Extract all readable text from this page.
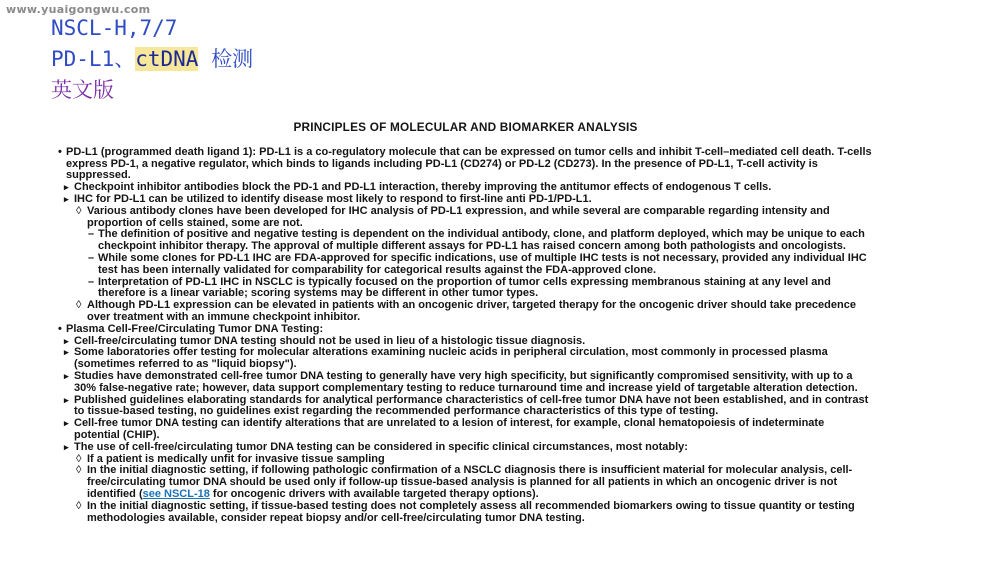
www.yuaigongwu.com
NSCL-H,7/7
PD-L1、ctDNA 检测
英文版
PRINCIPLES OF MOLECULAR AND BIOMARKER ANALYSIS
• PD-L1 (programmed death ligand 1): PD-L1 is a co-regulatory molecule that can be expressed on tumor cells and inhibit T-cell–mediated cell death. T-cells express PD-1, a negative regulator, which binds to ligands including PD-L1 (CD274) or PD-L2 (CD273). In the presence of PD-L1, T-cell activity is suppressed.
▸ Checkpoint inhibitor antibodies block the PD-1 and PD-L1 interaction, thereby improving the antitumor effects of endogenous T cells.
▸ IHC for PD-L1 can be utilized to identify disease most likely to respond to first-line anti PD-1/PD-L1.
◊ Various antibody clones have been developed for IHC analysis of PD-L1 expression, and while several are comparable regarding intensity and proportion of cells stained, some are not.
– The definition of positive and negative testing is dependent on the individual antibody, clone, and platform deployed, which may be unique to each checkpoint inhibitor therapy. The approval of multiple different assays for PD-L1 has raised concern among both pathologists and oncologists.
– While some clones for PD-L1 IHC are FDA-approved for specific indications, use of multiple IHC tests is not necessary, provided any individual IHC test has been internally validated for comparability for categorical results against the FDA-approved clone.
– Interpretation of PD-L1 IHC in NSCLC is typically focused on the proportion of tumor cells expressing membranous staining at any level and therefore is a linear variable; scoring systems may be different in other tumor types.
◊ Although PD-L1 expression can be elevated in patients with an oncogenic driver, targeted therapy for the oncogenic driver should take precedence over treatment with an immune checkpoint inhibitor.
• Plasma Cell-Free/Circulating Tumor DNA Testing:
▸ Cell-free/circulating tumor DNA testing should not be used in lieu of a histologic tissue diagnosis.
▸ Some laboratories offer testing for molecular alterations examining nucleic acids in peripheral circulation, most commonly in processed plasma (sometimes referred to as "liquid biopsy").
▸ Studies have demonstrated cell-free tumor DNA testing to generally have very high specificity, but significantly compromised sensitivity, with up to a 30% false-negative rate; however, data support complementary testing to reduce turnaround time and increase yield of targetable alteration detection.
▸ Published guidelines elaborating standards for analytical performance characteristics of cell-free tumor DNA have not been established, and in contrast to tissue-based testing, no guidelines exist regarding the recommended performance characteristics of this type of testing.
▸ Cell-free tumor DNA testing can identify alterations that are unrelated to a lesion of interest, for example, clonal hematopoiesis of indeterminate potential (CHIP).
▸ The use of cell-free/circulating tumor DNA testing can be considered in specific clinical circumstances, most notably:
◊ If a patient is medically unfit for invasive tissue sampling
◊ In the initial diagnostic setting, if following pathologic confirmation of a NSCLC diagnosis there is insufficient material for molecular analysis, cell-free/circulating tumor DNA should be used only if follow-up tissue-based analysis is planned for all patients in which an oncogenic driver is not identified (see NSCL-18 for oncogenic drivers with available targeted therapy options).
◊ In the initial diagnostic setting, if tissue-based testing does not completely assess all recommended biomarkers owing to tissue quantity or testing methodologies available, consider repeat biopsy and/or cell-free/circulating tumor DNA testing.
